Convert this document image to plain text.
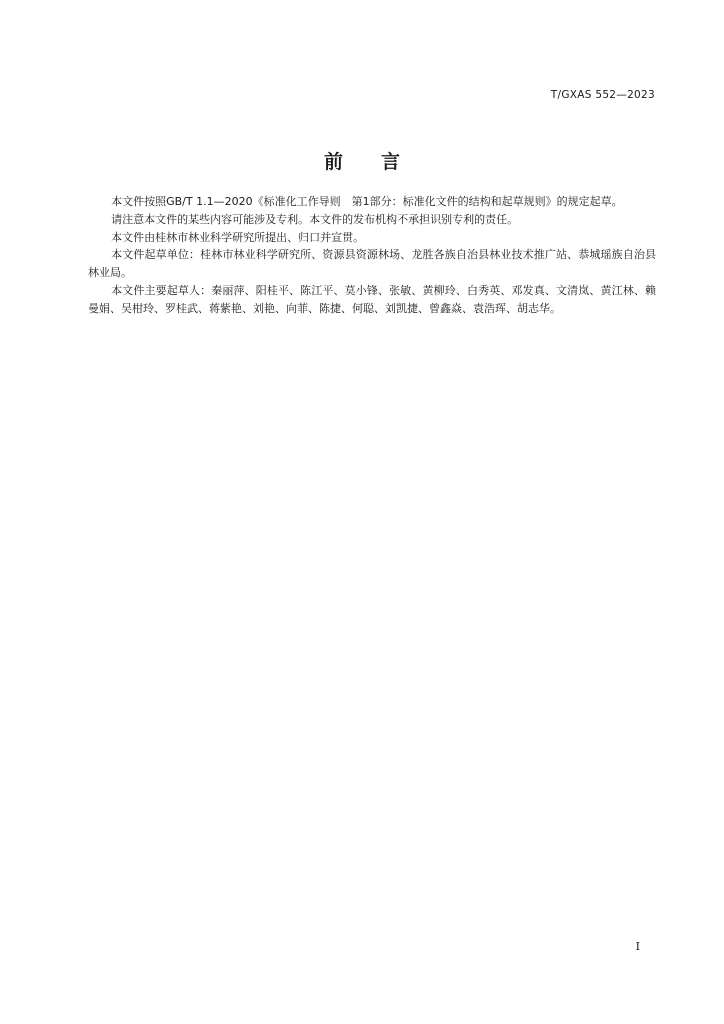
T/GXAS 552—2023
前言

本文件按照GB/T 1.1—2020《标准化工作导则　第1部分：标准化文件的结构和起草规则》的规定起草。

请注意本文件的某些内容可能涉及专利。本文件的发布机构不承担识别专利的责任。

本文件由桂林市林业科学研究所提出、归口并宣贯。

本文件起草单位：桂林市林业科学研究所、资源县资源林场、龙胜各族自治县林业技术推广站、恭城瑶族自治县林业局。

本文件主要起草人：秦丽萍、阳桂平、陈江平、莫小锋、张敏、黄柳玲、白秀英、邓发真、文清岚、黄江林、赖曼娟、吴柑玲、罗桂武、蒋紫艳、刘艳、向菲、陈捷、何聪、刘凯捷、曾鑫焱、袁浩珲、胡志华。

I
